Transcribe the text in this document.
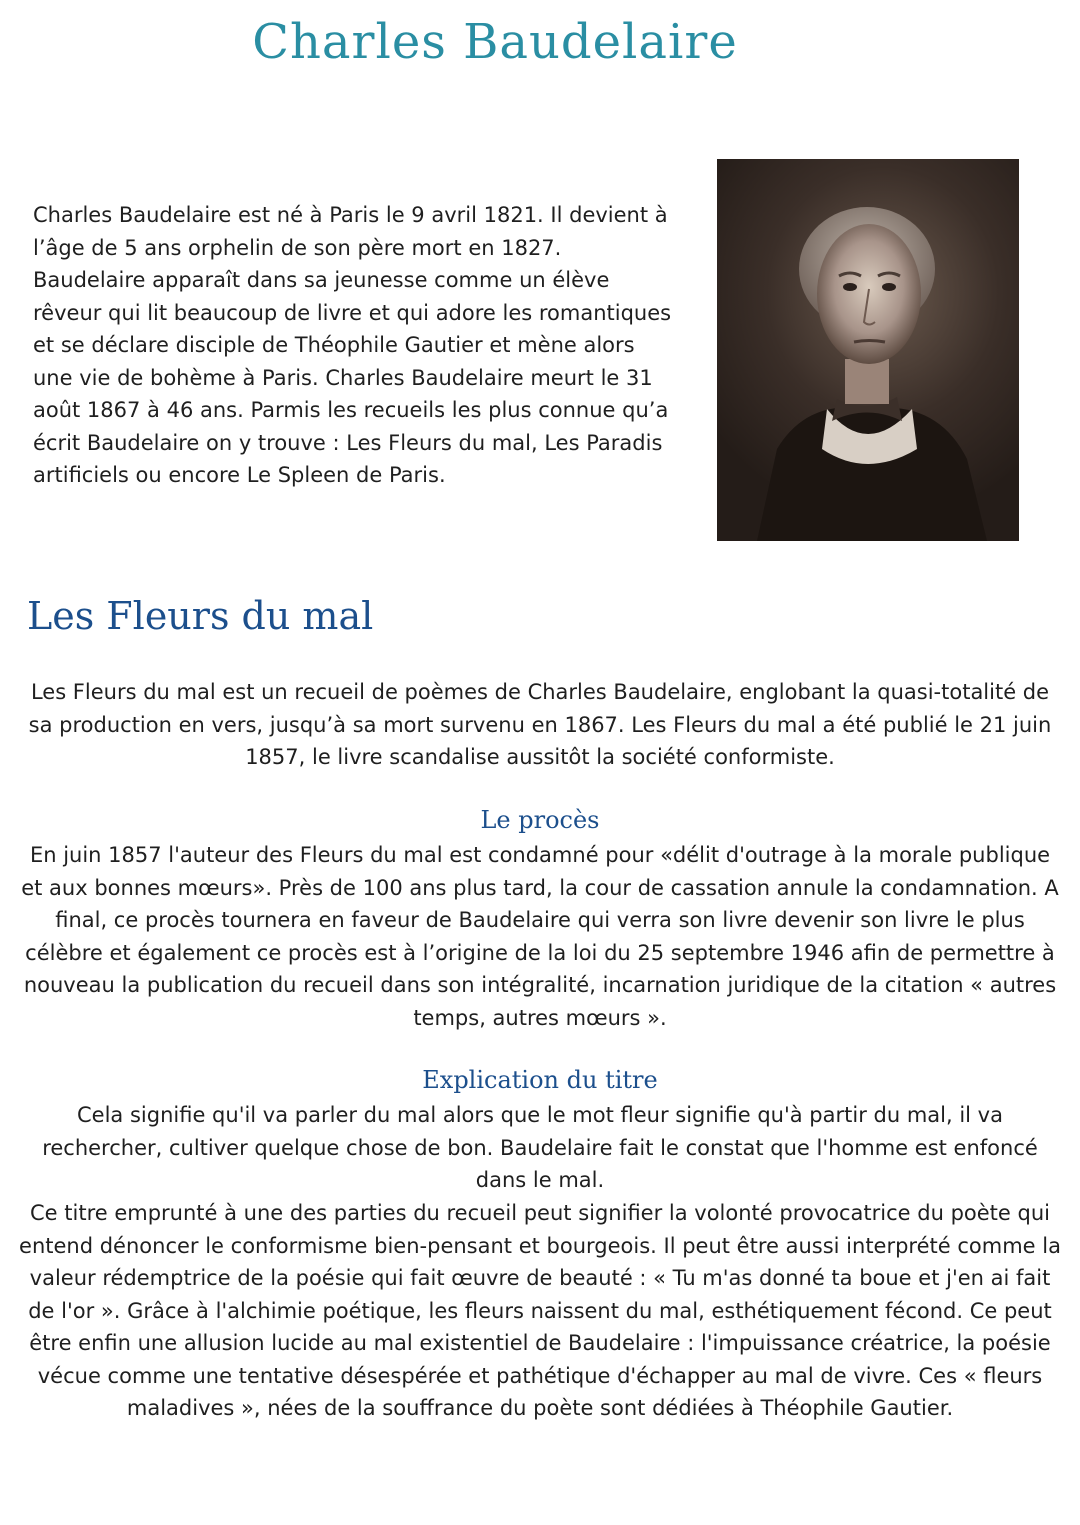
Charles Baudelaire

Charles Baudelaire est né à Paris le 9 avril 1821. Il devient à l’âge de 5 ans orphelin de son père mort en 1827. Baudelaire apparaît dans sa jeunesse comme un élève rêveur qui lit beaucoup de livre et qui adore les romantiques et se déclare disciple de Théophile Gautier et mène alors une vie de bohème à Paris. Charles Baudelaire meurt le 31 août 1867 à 46 ans. Parmis les recueils les plus connue qu’a écrit Baudelaire on y trouve : Les Fleurs du mal, Les Paradis artificiels ou encore Le Spleen de Paris.

Les Fleurs du mal

Les Fleurs du mal est un recueil de poèmes de Charles Baudelaire, englobant la quasi-totalité de sa production en vers, jusqu’à sa mort survenu en 1867. Les Fleurs du mal a été publié le 21 juin 1857, le livre scandalise aussitôt la société conformiste.

Le procès

En juin 1857 l'auteur des Fleurs du mal est condamné pour «délit d'outrage à la morale publique et aux bonnes mœurs». Près de 100 ans plus tard, la cour de cassation annule la condamnation. A final, ce procès tournera en faveur de Baudelaire qui verra son livre devenir son livre le plus célèbre et également ce procès est à l’origine de la loi du 25 septembre 1946 afin de permettre à nouveau la publication du recueil dans son intégralité, incarnation juridique de la citation « autres temps, autres mœurs ».

Explication du titre

Cela signifie qu'il va parler du mal alors que le mot fleur signifie qu'à partir du mal, il va rechercher, cultiver quelque chose de bon. Baudelaire fait le constat que l'homme est enfoncé dans le mal.

Ce titre emprunté à une des parties du recueil peut signifier la volonté provocatrice du poète qui entend dénoncer le conformisme bien-pensant et bourgeois. Il peut être aussi interprété comme la valeur rédemptrice de la poésie qui fait œuvre de beauté : « Tu m'as donné ta boue et j'en ai fait de l'or ». Grâce à l'alchimie poétique, les fleurs naissent du mal, esthétiquement fécond. Ce peut être enfin une allusion lucide au mal existentiel de Baudelaire : l'impuissance créatrice, la poésie vécue comme une tentative désespérée et pathétique d'échapper au mal de vivre. Ces « fleurs maladives », nées de la souffrance du poète sont dédiées à Théophile Gautier.
